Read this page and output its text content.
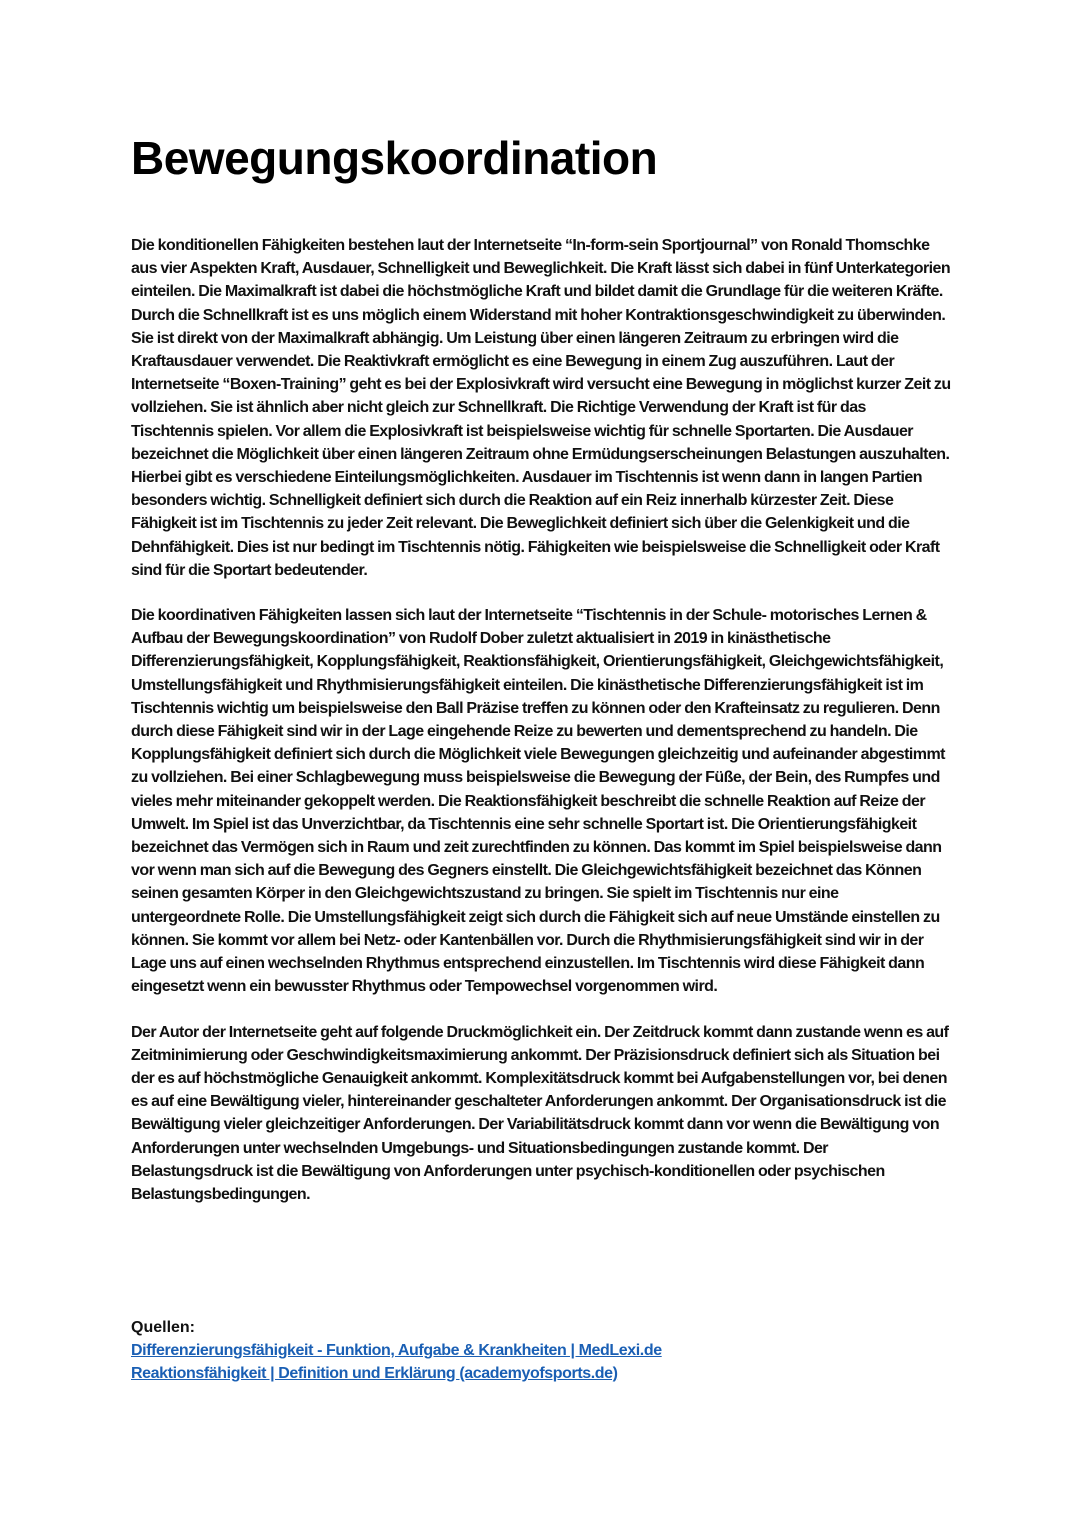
Bewegungskoordination

Die konditionellen Fähigkeiten bestehen laut der Internetseite “In-form-sein Sportjournal” von Ronald Thomschke aus vier Aspekten Kraft, Ausdauer, Schnelligkeit und Beweglichkeit. Die Kraft lässt sich dabei in fünf Unterkategorien einteilen. Die Maximalkraft ist dabei die höchstmögliche Kraft und bildet damit die Grundlage für die weiteren Kräfte. Durch die Schnellkraft ist es uns möglich einem Widerstand mit hoher Kontraktionsgeschwindigkeit zu überwinden. Sie ist direkt von der Maximalkraft abhängig. Um Leistung über einen längeren Zeitraum zu erbringen wird die Kraftausdauer verwendet. Die Reaktivkraft ermöglicht es eine Bewegung in einem Zug auszuführen. Laut der Internetseite “Boxen-Training” geht es bei der Explosivkraft wird versucht eine Bewegung in möglichst kurzer Zeit zu vollziehen. Sie ist ähnlich aber nicht gleich zur Schnellkraft. Die Richtige Verwendung der Kraft ist für das Tischtennis spielen. Vor allem die Explosivkraft ist beispielsweise wichtig für schnelle Sportarten. Die Ausdauer bezeichnet die Möglichkeit über einen längeren Zeitraum ohne Ermüdungserscheinungen Belastungen auszuhalten. Hierbei gibt es verschiedene Einteilungsmöglichkeiten. Ausdauer im Tischtennis ist wenn dann in langen Partien besonders wichtig. Schnelligkeit definiert sich durch die Reaktion auf ein Reiz innerhalb kürzester Zeit. Diese Fähigkeit ist im Tischtennis zu jeder Zeit relevant. Die Beweglichkeit definiert sich über die Gelenkigkeit und die Dehnfähigkeit. Dies ist nur bedingt im Tischtennis nötig. Fähigkeiten wie beispielsweise die Schnelligkeit oder Kraft sind für die Sportart bedeutender.

Die koordinativen Fähigkeiten lassen sich laut der Internetseite “Tischtennis in der Schule- motorisches Lernen & Aufbau der Bewegungskoordination” von Rudolf Dober zuletzt aktualisiert in 2019 in kinästhetische Differenzierungsfähigkeit, Kopplungsfähigkeit, Reaktionsfähigkeit, Orientierungsfähigkeit, Gleichgewichtsfähigkeit, Umstellungsfähigkeit und Rhythmisierungsfähigkeit einteilen. Die kinästhetische Differenzierungsfähigkeit ist im Tischtennis wichtig um beispielsweise den Ball Präzise treffen zu können oder den Krafteinsatz zu regulieren. Denn durch diese Fähigkeit sind wir in der Lage eingehende Reize zu bewerten und dementsprechend zu handeln. Die Kopplungsfähigkeit definiert sich durch die Möglichkeit viele Bewegungen gleichzeitig und aufeinander abgestimmt zu vollziehen. Bei einer Schlagbewegung muss beispielsweise die Bewegung der Füße, der Bein, des Rumpfes und vieles mehr miteinander gekoppelt werden. Die Reaktionsfähigkeit beschreibt die schnelle Reaktion auf Reize der Umwelt. Im Spiel ist das Unverzichtbar, da Tischtennis eine sehr schnelle Sportart ist. Die Orientierungsfähigkeit bezeichnet das Vermögen sich in Raum und zeit zurechtfinden zu können. Das kommt im Spiel beispielsweise dann vor wenn man sich auf die Bewegung des Gegners einstellt. Die Gleichgewichtsfähigkeit bezeichnet das Können seinen gesamten Körper in den Gleichgewichtszustand zu bringen. Sie spielt im Tischtennis nur eine untergeordnete Rolle. Die Umstellungsfähigkeit zeigt sich durch die Fähigkeit sich auf neue Umstände einstellen zu können. Sie kommt vor allem bei Netz- oder Kantenbällen vor. Durch die Rhythmisierungsfähigkeit sind wir in der Lage uns auf einen wechselnden Rhythmus entsprechend einzustellen. Im Tischtennis wird diese Fähigkeit dann eingesetzt wenn ein bewusster Rhythmus oder Tempowechsel vorgenommen wird.

Der Autor der Internetseite geht auf folgende Druckmöglichkeit ein. Der Zeitdruck kommt dann zustande wenn es auf Zeitminimierung oder Geschwindigkeitsmaximierung ankommt. Der Präzisionsdruck definiert sich als Situation bei der es auf höchstmögliche Genauigkeit ankommt. Komplexitätsdruck kommt bei Aufgabenstellungen vor, bei denen es auf eine Bewältigung vieler, hintereinander geschalteter Anforderungen ankommt. Der Organisationsdruck ist die Bewältigung vieler gleichzeitiger Anforderungen. Der Variabilitätsdruck kommt dann vor wenn die Bewältigung von Anforderungen unter wechselnden Umgebungs- und Situationsbedingungen zustande kommt. Der Belastungsdruck ist die Bewältigung von Anforderungen unter psychisch-konditionellen oder psychischen Belastungsbedingungen.

Quellen:

Differenzierungsfähigkeit - Funktion, Aufgabe & Krankheiten | MedLexi.de
Reaktionsfähigkeit | Definition und Erklärung (academyofsports.de)
